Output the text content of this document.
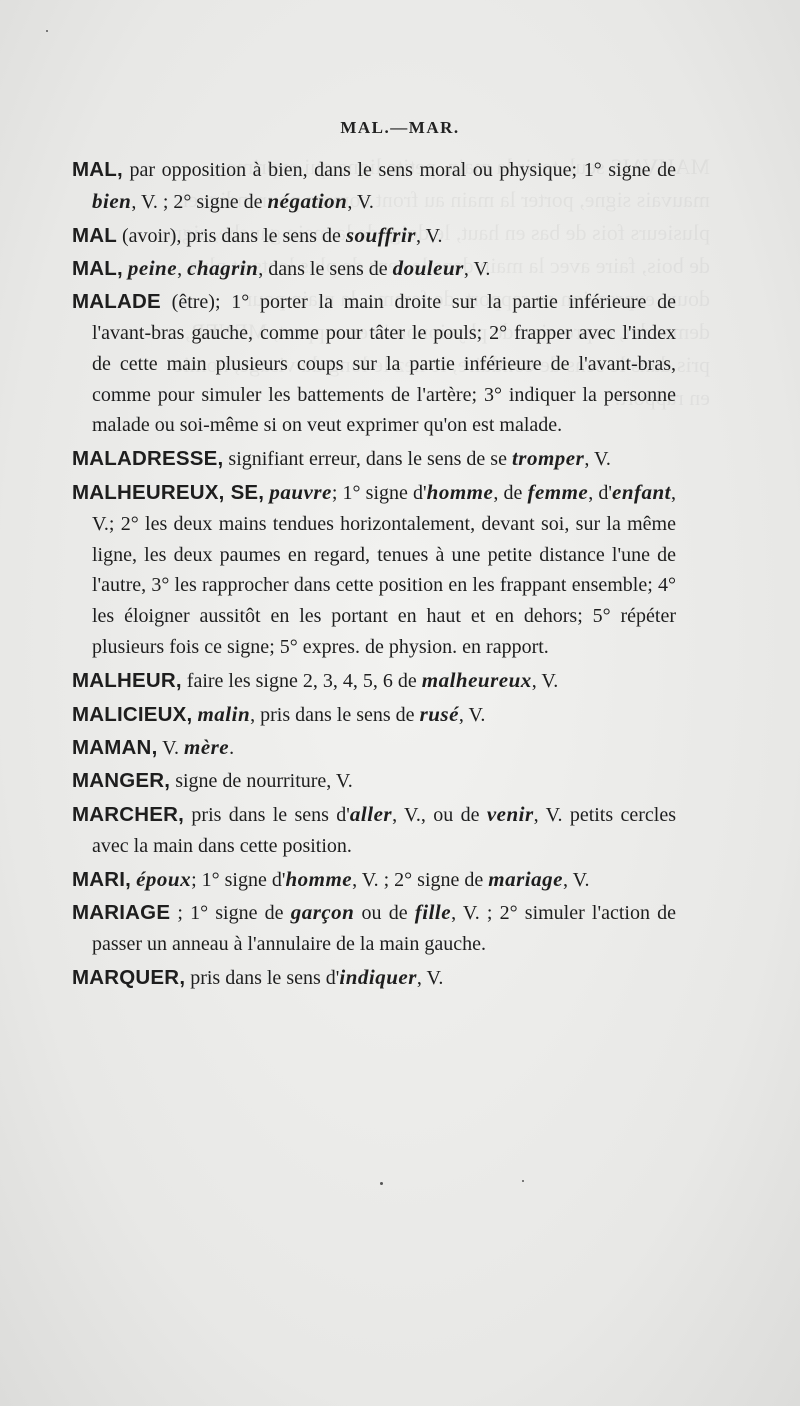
MAL.—MAR.

MAL, par opposition à bien, dans le sens moral ou physique; 1° signe de bien, V. ; 2° signe de négation, V.

MAL (avoir), pris dans le sens de souffrir, V.

MAL, peine, chagrin, dans le sens de douleur, V.

MALADE (être); 1° porter la main droite sur la partie inférieure de l'avant-bras gauche, comme pour tâter le pouls; 2° frapper avec l'index de cette main plusieurs coups sur la partie inférieure de l'avant-bras, comme pour simuler les battements de l'artère; 3° indiquer la personne malade ou soi-même si on veut exprimer qu'on est malade.

MALADRESSE, signifiant erreur, dans le sens de se tromper, V.

MALHEUREUX, SE, pauvre; 1° signe d'homme, de femme, d'enfant, V.; 2° les deux mains tendues horizontalement, devant soi, sur la même ligne, les deux paumes en regard, tenues à une petite distance l'une de l'autre, 3° les rapprocher dans cette position en les frappant ensemble; 4° les éloigner aussitôt en les portant en haut et en dehors; 5° répéter plusieurs fois ce signe; 5° expres. de physion. en rapport.

MALHEUR, faire les signe 2, 3, 4, 5, 6 de malheureux, V.

MALICIEUX, malin, pris dans le sens de rusé, V.

MAMAN, V. mère.

MANGER, signe de nourriture, V.

MARCHER, pris dans le sens d'aller, V., ou de venir, V. petits cercles avec la main dans cette position.

MARI, époux; 1° signe d'homme, V. ; 2° signe de mariage, V.

MARIAGE ; 1° signe de garçon ou de fille, V. ; 2° simuler l'action de passer un anneau à l'annulaire de la main gauche.

MARQUER, pris dans le sens d'indiquer, V.
